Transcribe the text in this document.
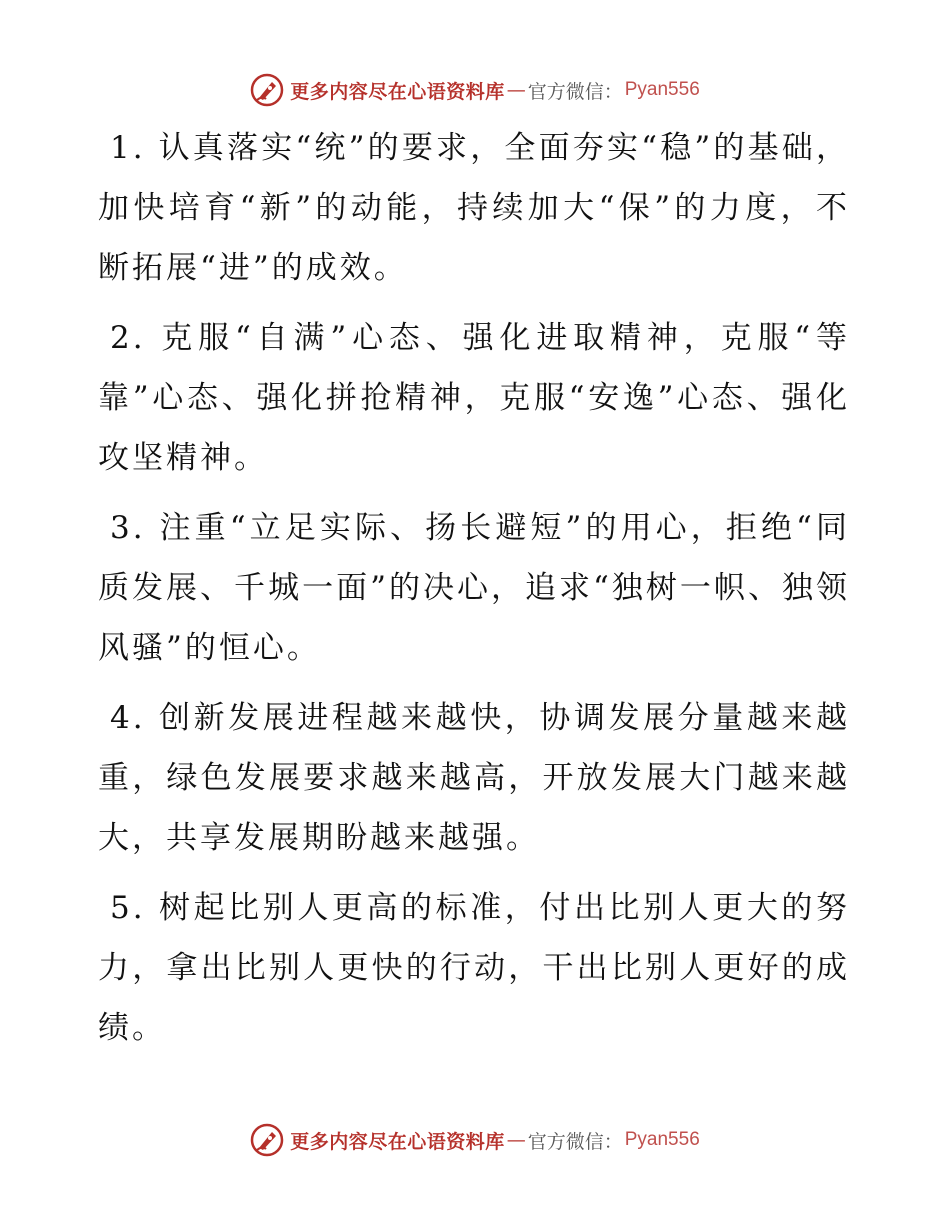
更多内容尽在心语资料库 — 官方微信： Pyan556

1. 认真落实“统”的要求，全面夯实“稳”的基础，加快培育“新”的动能，持续加大“保”的力度，不断拓展“进”的成效。

2. 克服“自满”心态、强化进取精神，克服“等靠”心态、强化拼抢精神，克服“安逸”心态、强化攻坚精神。

3. 注重“立足实际、扬长避短”的用心，拒绝“同质发展、千城一面”的决心，追求“独树一帜、独领风骚”的恒心。

4. 创新发展进程越来越快，协调发展分量越来越重，绿色发展要求越来越高，开放发展大门越来越大，共享发展期盼越来越强。

5. 树起比别人更高的标准，付出比别人更大的努力，拿出比别人更快的行动，干出比别人更好的成绩。

更多内容尽在心语资料库 — 官方微信： Pyan556
